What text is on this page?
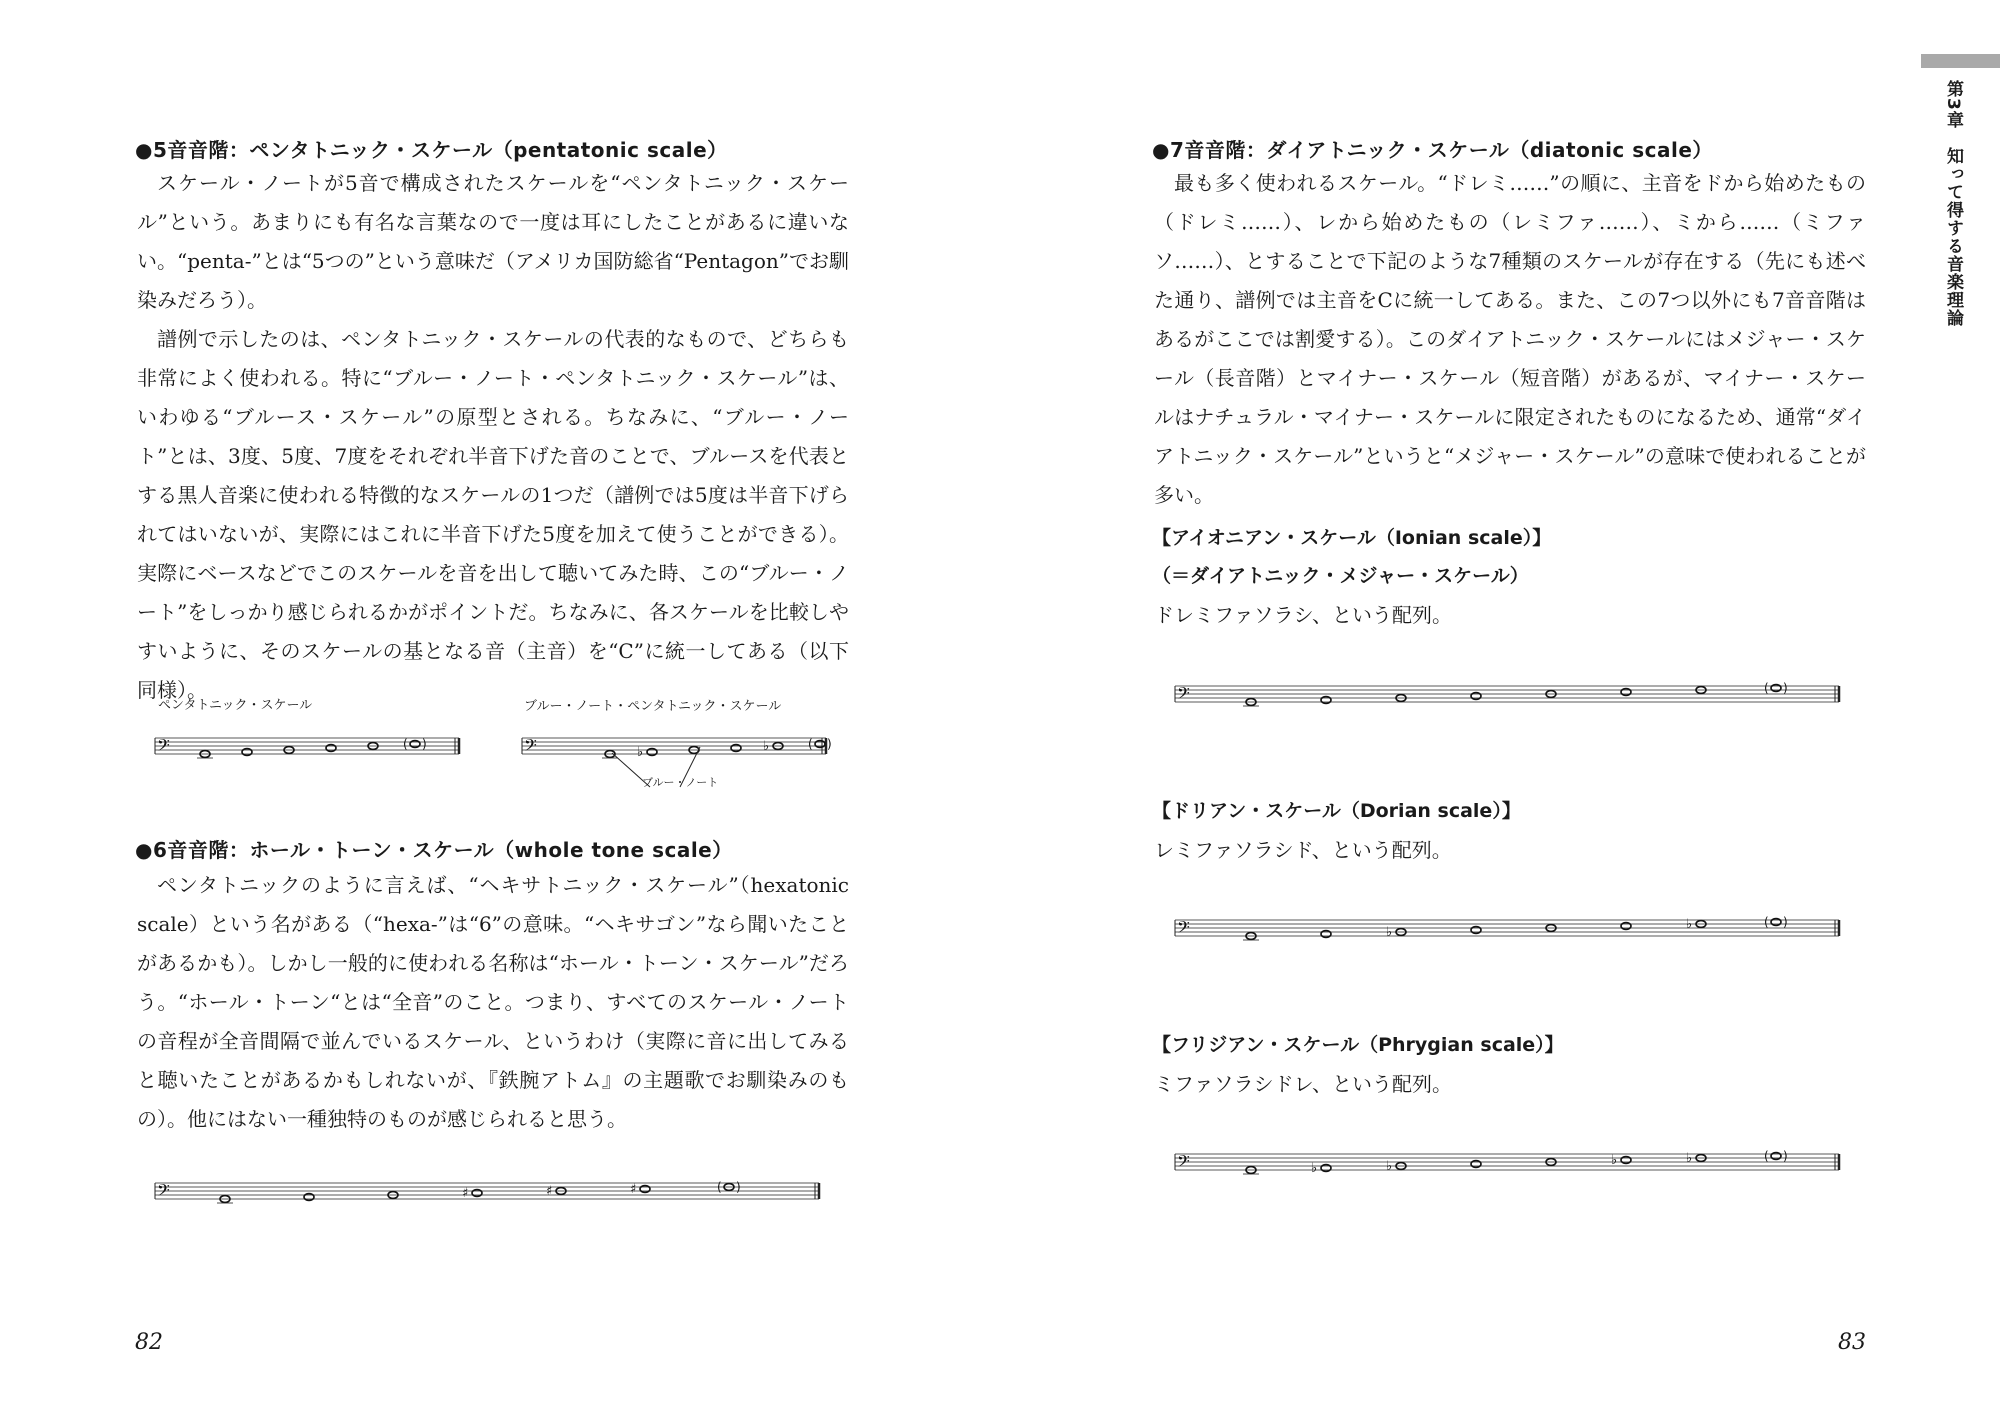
●5音音階：ペンタトニック・スケール（pentatonic scale）

スケール・ノートが5音で構成されたスケールを“ペンタトニック・スケール”という。あまりにも有名な言葉なので一度は耳にしたことがあるに違いない。“penta-”とは“5つの”という意味だ（アメリカ国防総省“Pentagon”でお馴染みだろう）。

譜例で示したのは、ペンタトニック・スケールの代表的なもので、どちらも非常によく使われる。特に“ブルー・ノート・ペンタトニック・スケール”は、いわゆる“ブルース・スケール”の原型とされる。ちなみに、“ブルー・ノート”とは、3度、5度、7度をそれぞれ半音下げた音のことで、ブルースを代表とする黒人音楽に使われる特徴的なスケールの1つだ（譜例では5度は半音下げられてはいないが、実際にはこれに半音下げた5度を加えて使うことができる）。実際にベースなどでこのスケールを音を出して聴いてみた時、この“ブルー・ノート”をしっかり感じられるかがポイントだ。ちなみに、各スケールを比較しやすいように、そのスケールの基となる音（主音）を“C”に統一してある（以下同様）。

ペンタトニック・スケール	ブルー・ノート・ペンタトニック・スケール
𝄢	( )	𝄢	♭	♭	( )
ブルー・ノート
●6音音階：ホール・トーン・スケール（whole tone scale）

ペンタトニックのように言えば、“ヘキサトニック・スケール”（hexatonic scale）という名がある（“hexa-”は“6”の意味。“ヘキサゴン”なら聞いたことがあるかも）。しかし一般的に使われる名称は“ホール・トーン・スケール”だろう。“ホール・トーン“とは“全音”のこと。つまり、すべてのスケール・ノートの音程が全音間隔で並んでいるスケール、というわけ（実際に音に出してみると聴いたことがあるかもしれないが、『鉄腕アトム』の主題歌でお馴染みのもの）。他にはない一種独特のものが感じられると思う。

𝄢	♯	♯	♯	( )
82
●7音音階：ダイアトニック・スケール（diatonic scale）

最も多く使われるスケール。“ドレミ……”の順に、主音をドから始めたもの（ドレミ……）、レから始めたもの（レミファ……）、ミから……（ミファソ……）、とすることで下記のような7種類のスケールが存在する（先にも述べた通り、譜例では主音をCに統一してある。また、この7つ以外にも7音音階はあるがここでは割愛する）。このダイアトニック・スケールにはメジャー・スケール（長音階）とマイナー・スケール（短音階）があるが、マイナー・スケールはナチュラル・マイナー・スケールに限定されたものになるため、通常“ダイアトニック・スケール”というと“メジャー・スケール”の意味で使われることが多い。

【アイオニアン・スケール（Ionian scale）】
（＝ダイアトニック・メジャー・スケール）
ドレミファソラシ、という配列。
𝄢	( )
【ドリアン・スケール（Dorian scale）】
レミファソラシド、という配列。
𝄢	♭
♭	( )
【フリジアン・スケール（Phrygian scale）】
ミファソラシドレ、という配列。
𝄢	♭	♭	♭	♭	( )
83
第3章　知って得する音楽理論
